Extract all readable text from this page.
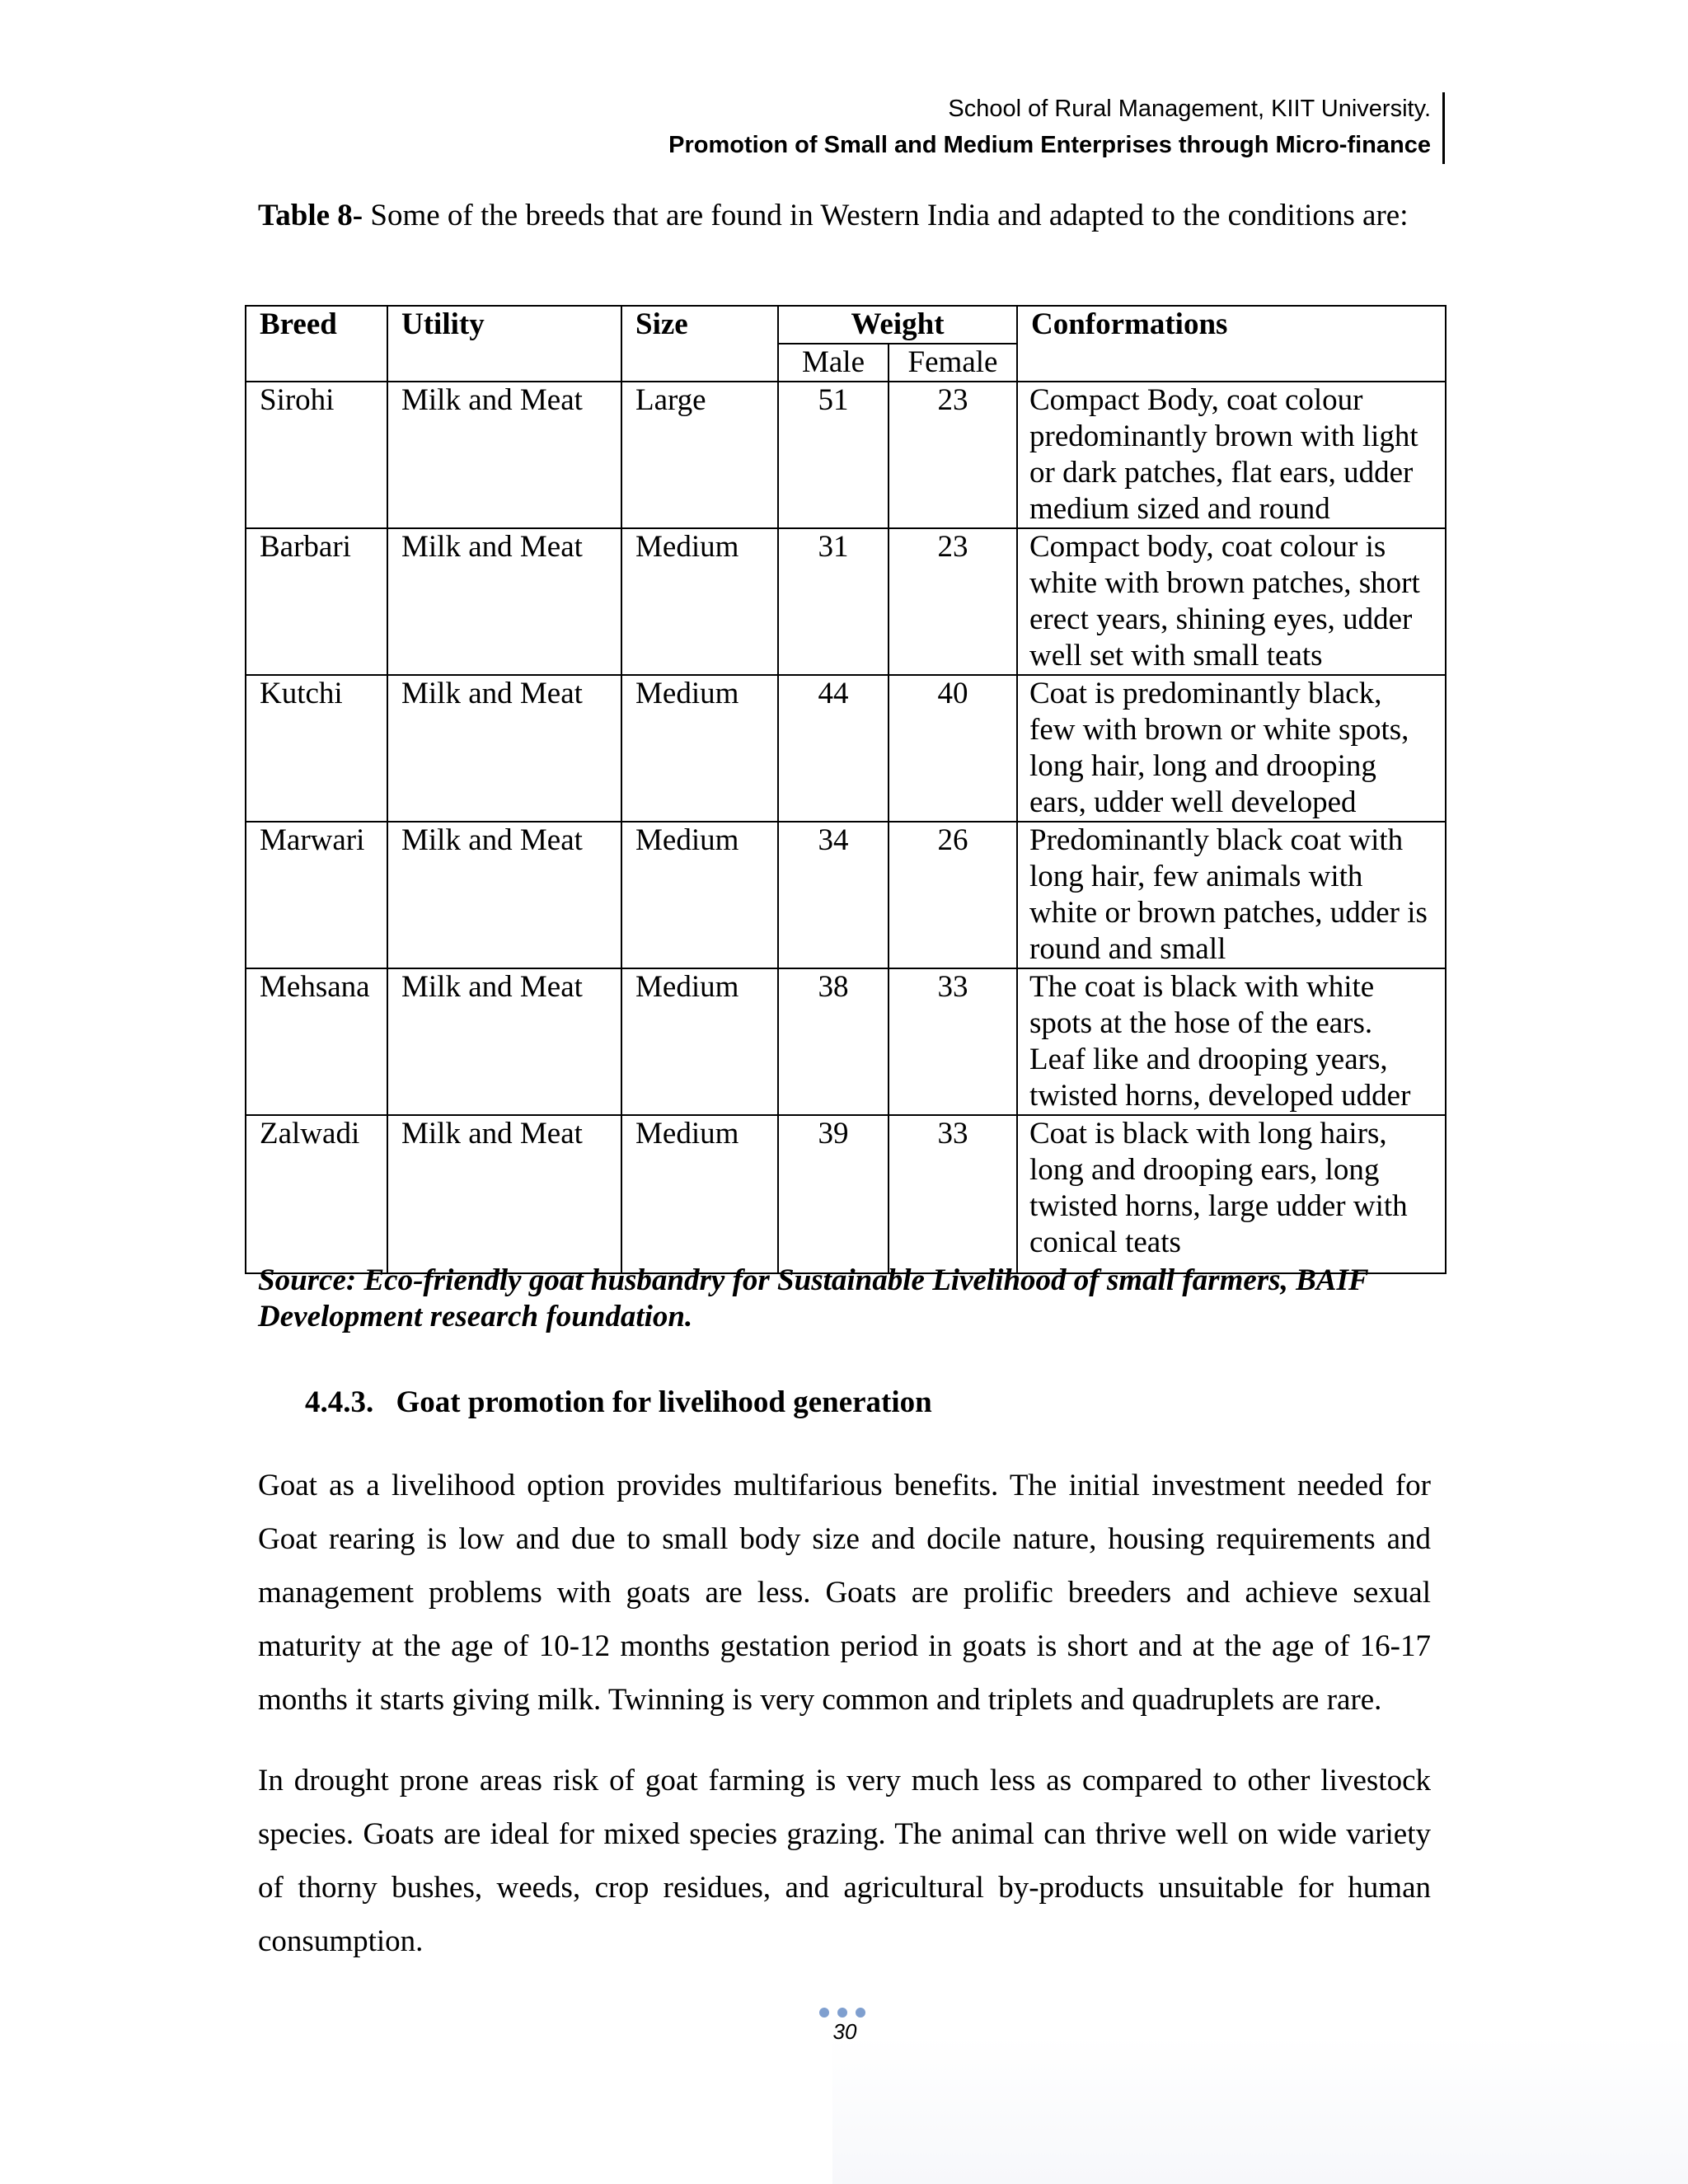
School of Rural Management, KIIT University.
Promotion of Small and Medium Enterprises through Micro-finance
Table 8- Some of the breeds that are found in Western India and adapted to the conditions are:
Breed	Utility	Size	Weight		Conformations
			Male	Female	
Sirohi	Milk and Meat	Large	51	23	Compact Body, coat colour predominantly brown with light or dark patches, flat ears, udder medium sized and round
Barbari	Milk and Meat	Medium	31	23	Compact body, coat colour is white with brown patches, short erect years, shining eyes, udder well set with small teats
Kutchi	Milk and Meat	Medium	44	40	Coat is predominantly black, few with brown or white spots, long hair, long and drooping ears, udder well developed
Marwari	Milk and Meat	Medium	34	26	Predominantly black coat with long hair, few animals with white or brown patches, udder is round and small
Mehsana	Milk and Meat	Medium	38	33	The coat is black with white spots at the hose of the ears. Leaf like and drooping years, twisted horns, developed udder
Zalwadi	Milk and Meat	Medium	39	33	Coat is black with long hairs, long and drooping ears, long twisted horns, large udder with conical teats
Source: Eco-friendly goat husbandry for Sustainable Livelihood of small farmers, BAIF Development research foundation.
4.4.3. Goat promotion for livelihood generation

Goat as a livelihood option provides multifarious benefits. The initial investment needed for Goat rearing is low and due to small body size and docile nature, housing requirements and management problems with goats are less. Goats are prolific breeders and achieve sexual maturity at the age of 10-12 months gestation period in goats is short and at the age of 16-17 months it starts giving milk. Twinning is very common and triplets and quadruplets are rare.

In drought prone areas risk of goat farming is very much less as compared to other livestock species. Goats are ideal for mixed species grazing. The animal can thrive well on wide variety of thorny bushes, weeds, crop residues, and agricultural by-products unsuitable for human consumption.

30
